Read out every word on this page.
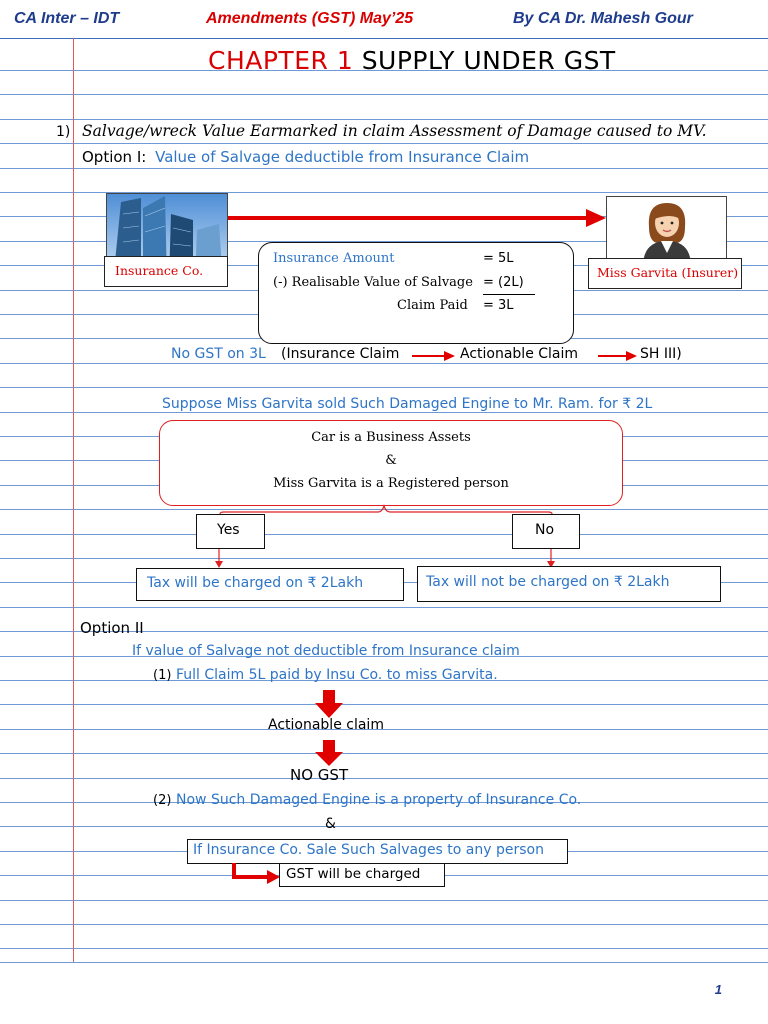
CA Inter – IDT	Amendments (GST) May’25	By CA Dr. Mahesh Gour
CHAPTER 1 SUPPLY UNDER GST
1) Salvage/wreck Value Earmarked in claim Assessment of Damage caused to MV.
Option I: Value of Salvage deductible from Insurance Claim
Insurance Co.	Miss Garvita (Insurer)
Insurance Amount	= 5L
(-) Realisable Value of Salvage = (2L)
Claim Paid = 3L
No GST on 3L (Insurance Claim	Actionable Claim	SH III)
Suppose Miss Garvita sold Such Damaged Engine to Mr. Ram. for ₹ 2L
Car is a Business Assets
&
Miss Garvita is a Registered person
Yes	No
Tax will be charged on ₹ 2Lakh	Tax will not be charged on ₹ 2Lakh
Option II
If value of Salvage not deductible from Insurance claim
(1) Full Claim 5L paid by Insu Co. to miss Garvita.
Actionable claim
NO GST
(2) Now Such Damaged Engine is a property of Insurance Co.
&
If Insurance Co. Sale Such Salvages to any person
GST will be charged
1
